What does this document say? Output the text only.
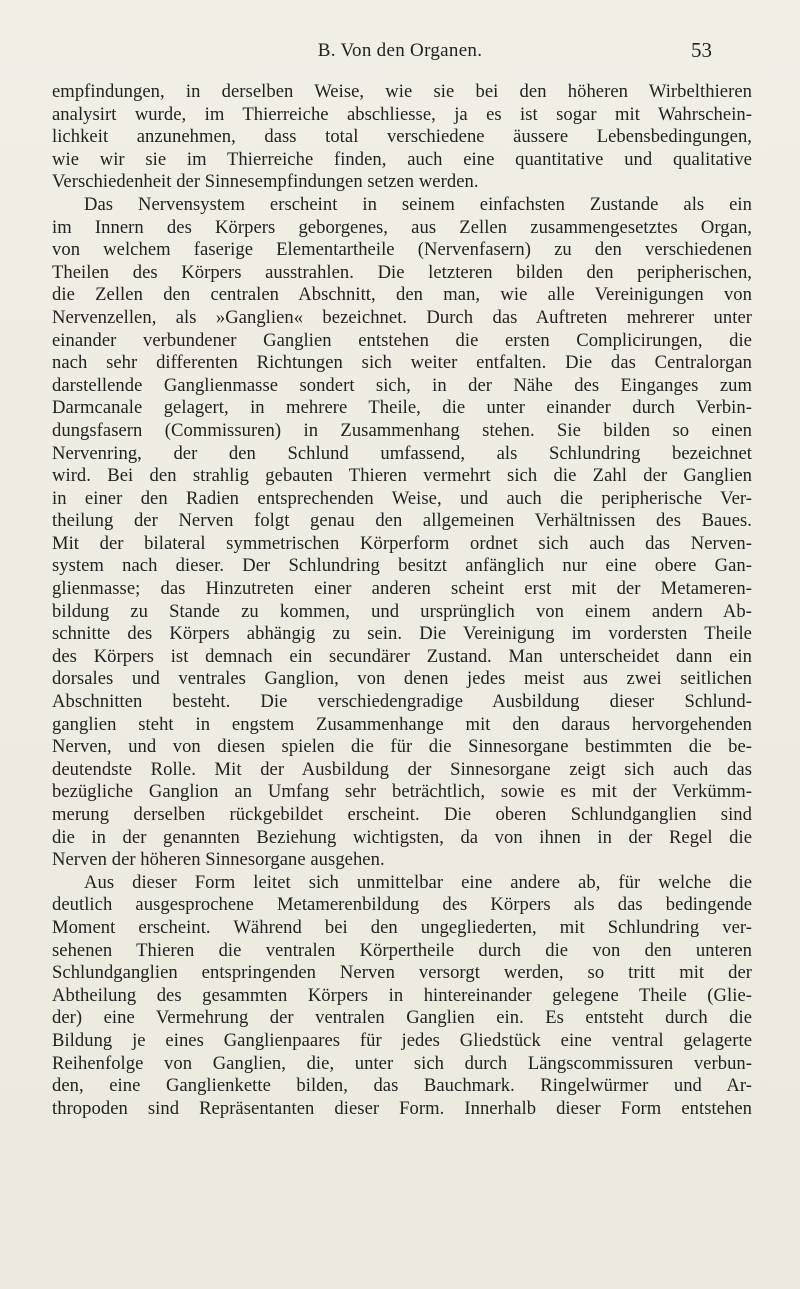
B. Von den Organen.	53
empfindungen, in derselben Weise, wie sie bei den höheren Wirbelthieren
analysirt wurde, im Thierreiche abschliesse, ja es ist sogar mit Wahrschein-
lichkeit anzunehmen, dass total verschiedene äussere Lebensbedingungen,
wie wir sie im Thierreiche finden, auch eine quantitative und qualitative
Verschiedenheit der Sinnesempfindungen setzen werden.
Das Nervensystem erscheint in seinem einfachsten Zustande als ein
im Innern des Körpers geborgenes, aus Zellen zusammengesetztes Organ,
von welchem faserige Elementartheile (Nervenfasern) zu den verschiedenen
Theilen des Körpers ausstrahlen. Die letzteren bilden den peripherischen,
die Zellen den centralen Abschnitt, den man, wie alle Vereinigungen von
Nervenzellen, als »Ganglien« bezeichnet. Durch das Auftreten mehrerer unter
einander verbundener Ganglien entstehen die ersten Complicirungen, die
nach sehr differenten Richtungen sich weiter entfalten. Die das Centralorgan
darstellende Ganglienmasse sondert sich, in der Nähe des Einganges zum
Darmcanale gelagert, in mehrere Theile, die unter einander durch Verbin-
dungsfasern (Commissuren) in Zusammenhang stehen. Sie bilden so einen
Nervenring, der den Schlund umfassend, als Schlundring bezeichnet
wird. Bei den strahlig gebauten Thieren vermehrt sich die Zahl der Ganglien
in einer den Radien entsprechenden Weise, und auch die peripherische Ver-
theilung der Nerven folgt genau den allgemeinen Verhältnissen des Baues.
Mit der bilateral symmetrischen Körperform ordnet sich auch das Nerven-
system nach dieser. Der Schlundring besitzt anfänglich nur eine obere Gan-
glienmasse; das Hinzutreten einer anderen scheint erst mit der Metameren-
bildung zu Stande zu kommen, und ursprünglich von einem andern Ab-
schnitte des Körpers abhängig zu sein. Die Vereinigung im vordersten Theile
des Körpers ist demnach ein secundärer Zustand. Man unterscheidet dann ein
dorsales und ventrales Ganglion, von denen jedes meist aus zwei seitlichen
Abschnitten besteht. Die verschiedengradige Ausbildung dieser Schlund-
ganglien steht in engstem Zusammenhange mit den daraus hervorgehenden
Nerven, und von diesen spielen die für die Sinnesorgane bestimmten die be-
deutendste Rolle. Mit der Ausbildung der Sinnesorgane zeigt sich auch das
bezügliche Ganglion an Umfang sehr beträchtlich, sowie es mit der Verkümm-
merung derselben rückgebildet erscheint. Die oberen Schlundganglien sind
die in der genannten Beziehung wichtigsten, da von ihnen in der Regel die
Nerven der höheren Sinnesorgane ausgehen.
Aus dieser Form leitet sich unmittelbar eine andere ab, für welche die
deutlich ausgesprochene Metamerenbildung des Körpers als das bedingende
Moment erscheint. Während bei den ungegliederten, mit Schlundring ver-
sehenen Thieren die ventralen Körpertheile durch die von den unteren
Schlundganglien entspringenden Nerven versorgt werden, so tritt mit der
Abtheilung des gesammten Körpers in hintereinander gelegene Theile (Glie-
der) eine Vermehrung der ventralen Ganglien ein. Es entsteht durch die
Bildung je eines Ganglienpaares für jedes Gliedstück eine ventral gelagerte
Reihenfolge von Ganglien, die, unter sich durch Längscommissuren verbun-
den, eine Ganglienkette bilden, das Bauchmark. Ringelwürmer und Ar-
thropoden sind Repräsentanten dieser Form. Innerhalb dieser Form entstehen
